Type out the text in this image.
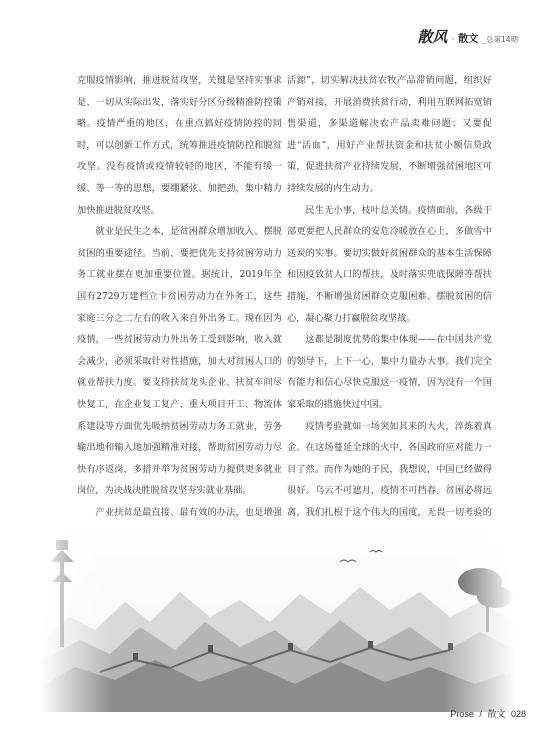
散风 · 散文 _总第14期

克服疫情影响，推进脱贫攻坚，关键是坚持实事求是、一切从实际出发，落实好分区分级精准防控策略。疫情严重的地区，在重点搞好疫情防控的同时，可以创新工作方式，统筹推进疫情防控和脱贫攻坚。没有疫情或疫情较轻的地区，不能有缓一缓、等一等的思想，要绷紧弦、加把劲，集中精力加快推进脱贫攻坚。

就业是民生之本，是贫困群众增加收入、摆脱贫困的重要途径。当前，要把优先支持贫困劳动力务工就业摆在更加重要位置。据统计，2019年全国有2729万建档立卡贫困劳动力在外务工，这些家庭三分之二左右的收入来自外出务工。现在因为疫情，一些贫困劳动力外出务工受到影响，收入就会减少，必须采取针对性措施，加大对贫困人口的就业帮扶力度。要支持扶贫龙头企业、扶贫车间尽快复工，在企业复工复产、重大项目开工、物流体系建设等方面优先吸纳贫困劳动力务工就业，劳务输出地和输入地加强精准对接，帮助贫困劳动力尽快有序返岗，多措并举为贫困劳动力提供更多就业岗位，为决战决胜脱贫攻坚夯实就业基础。

产业扶贫是最直接、最有效的办法，也是增强

活源”，切实解决扶贫农牧产品滞销问题，组织好产销对接，开展消费扶贫行动，利用互联网拓宽销售渠道，多渠道解决农产品卖难问题；又要促进“活血”，用好产业帮扶资金和扶贫小额信贷政策，促进扶贫产业持续发展，不断增强贫困地区可持续发展的内生动力。

民生无小事，枝叶总关情。疫情面前，各级干部更要把人民群众的安危冷暖放在心上，多做雪中送炭的实事。要切实做好贫困群众的基本生活保障和因疫致贫人口的帮扶，及时落实兜底保障等帮扶措施，不断增强贫困群众克服困难、摆脱贫困的信心，凝心聚力打赢脱贫攻坚战。

这都是制度优势的集中体现——在中国共产党的领导下，上下一心，集中力量办大事。我们完全有能力和信心尽快克服这一疫情，因为没有一个国家采取的措施快过中国。

疫情考验就如一场突如其来的大火，淬炼着真金。在这场蔓延全球的火中，各国政府应对能力一目了然。而作为她的子民，我想说，中国已经做得很好。乌云不可遮月，疫情不可挡春。贫困必将远离，我们扎根于这个伟大的国度，无畏一切考验的

Prose / 散文 028
